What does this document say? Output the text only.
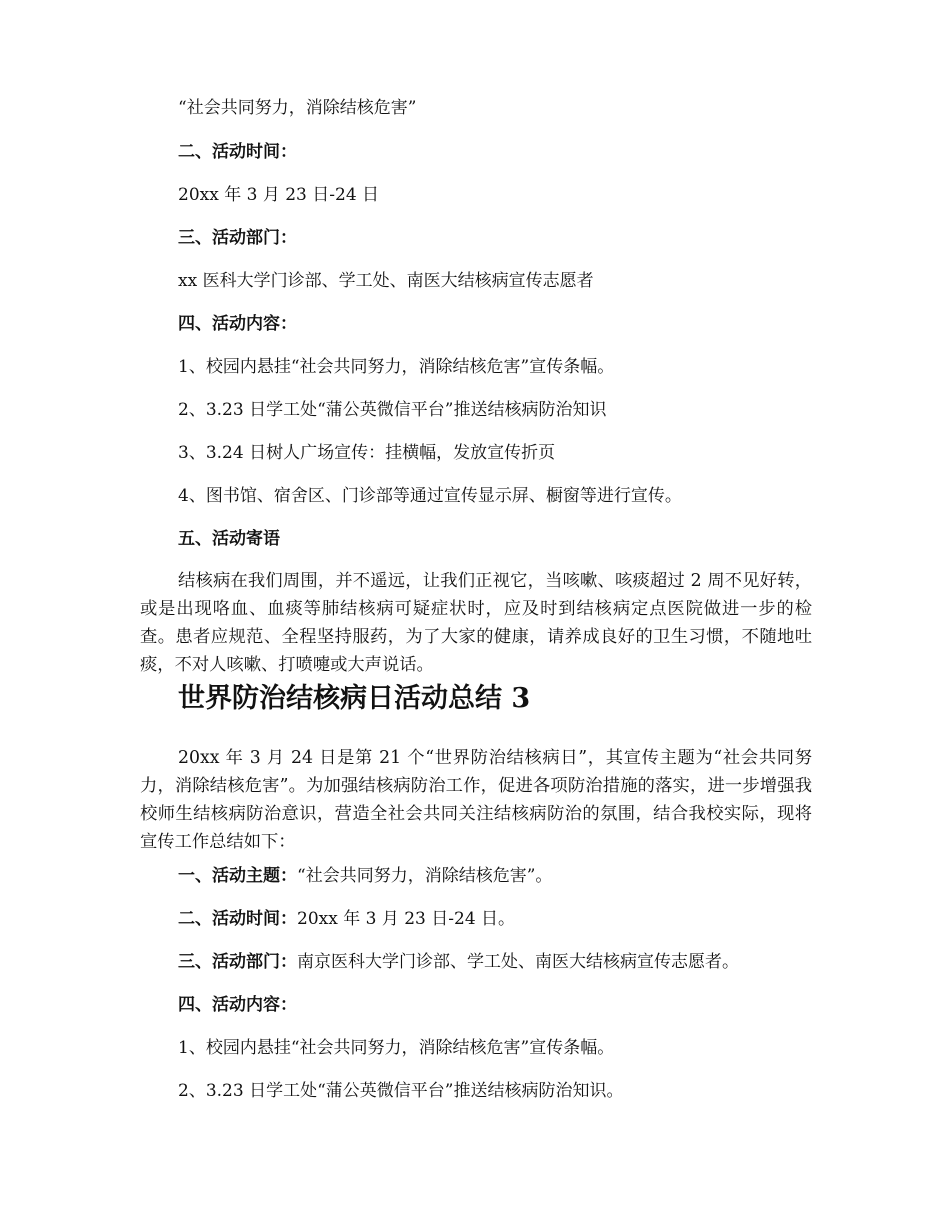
“社会共同努力，消除结核危害”
二、活动时间：
20xx 年 3 月 23 日-24 日
三、活动部门：
xx 医科大学门诊部、学工处、南医大结核病宣传志愿者
四、活动内容：
1、校园内悬挂“社会共同努力，消除结核危害”宣传条幅。
2、3.23 日学工处“蒲公英微信平台”推送结核病防治知识
3、3.24 日树人广场宣传：挂横幅，发放宣传折页
4、图书馆、宿舍区、门诊部等通过宣传显示屏、橱窗等进行宣传。
五、活动寄语
结核病在我们周围，并不遥远，让我们正视它，当咳嗽、咳痰超过 2 周不见好转，或是出现咯血、血痰等肺结核病可疑症状时，应及时到结核病定点医院做进一步的检查。患者应规范、全程坚持服药，为了大家的健康，请养成良好的卫生习惯，不随地吐痰，不对人咳嗽、打喷嚏或大声说话。
世界防治结核病日活动总结 3
20xx 年 3 月 24 日是第 21 个“世界防治结核病日”，其宣传主题为“社会共同努力，消除结核危害”。为加强结核病防治工作，促进各项防治措施的落实，进一步增强我校师生结核病防治意识，营造全社会共同关注结核病防治的氛围，结合我校实际，现将宣传工作总结如下：
一、活动主题：“社会共同努力，消除结核危害”。
二、活动时间：20xx 年 3 月 23 日-24 日。
三、活动部门：南京医科大学门诊部、学工处、南医大结核病宣传志愿者。
四、活动内容：
1、校园内悬挂“社会共同努力，消除结核危害”宣传条幅。
2、3.23 日学工处“蒲公英微信平台”推送结核病防治知识。
